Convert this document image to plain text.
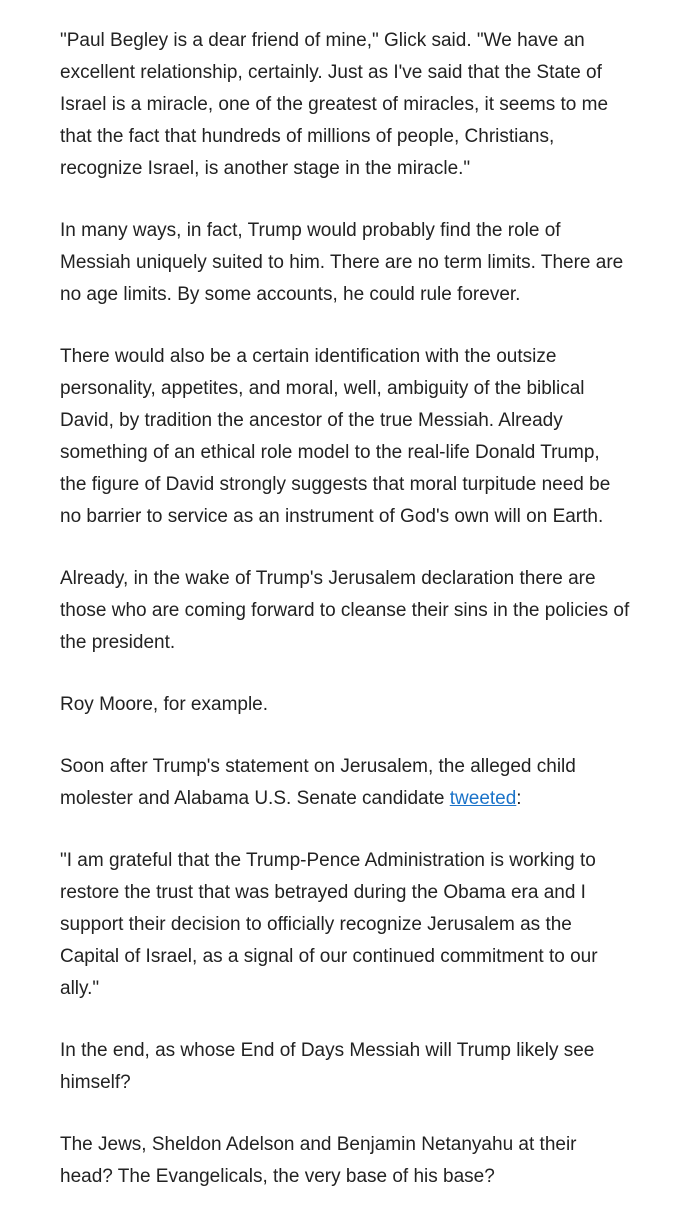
"Paul Begley is a dear friend of mine," Glick said. "We have an
excellent relationship, certainly. Just as I've said that the State of
Israel is a miracle, one of the greatest of miracles, it seems to me
that the fact that hundreds of millions of people, Christians,
recognize Israel, is another stage in the miracle."

In many ways, in fact, Trump would probably find the role of
Messiah uniquely suited to him. There are no term limits. There are
no age limits. By some accounts, he could rule forever.

There would also be a certain identification with the outsize
personality, appetites, and moral, well, ambiguity of the biblical
David, by tradition the ancestor of the true Messiah. Already
something of an ethical role model to the real-life Donald Trump,
the figure of David strongly suggests that moral turpitude need be
no barrier to service as an instrument of God's own will on Earth.

Already, in the wake of Trump's Jerusalem declaration there are
those who are coming forward to cleanse their sins in the policies of
the president.

Roy Moore, for example.

Soon after Trump's statement on Jerusalem, the alleged child
molester and Alabama U.S. Senate candidate tweeted:

"I am grateful that the Trump-Pence Administration is working to
restore the trust that was betrayed during the Obama era and I
support their decision to officially recognize Jerusalem as the
Capital of Israel, as a signal of our continued commitment to our
ally."

In the end, as whose End of Days Messiah will Trump likely see
himself?

The Jews, Sheldon Adelson and Benjamin Netanyahu at their
head? The Evangelicals, the very base of his base?
